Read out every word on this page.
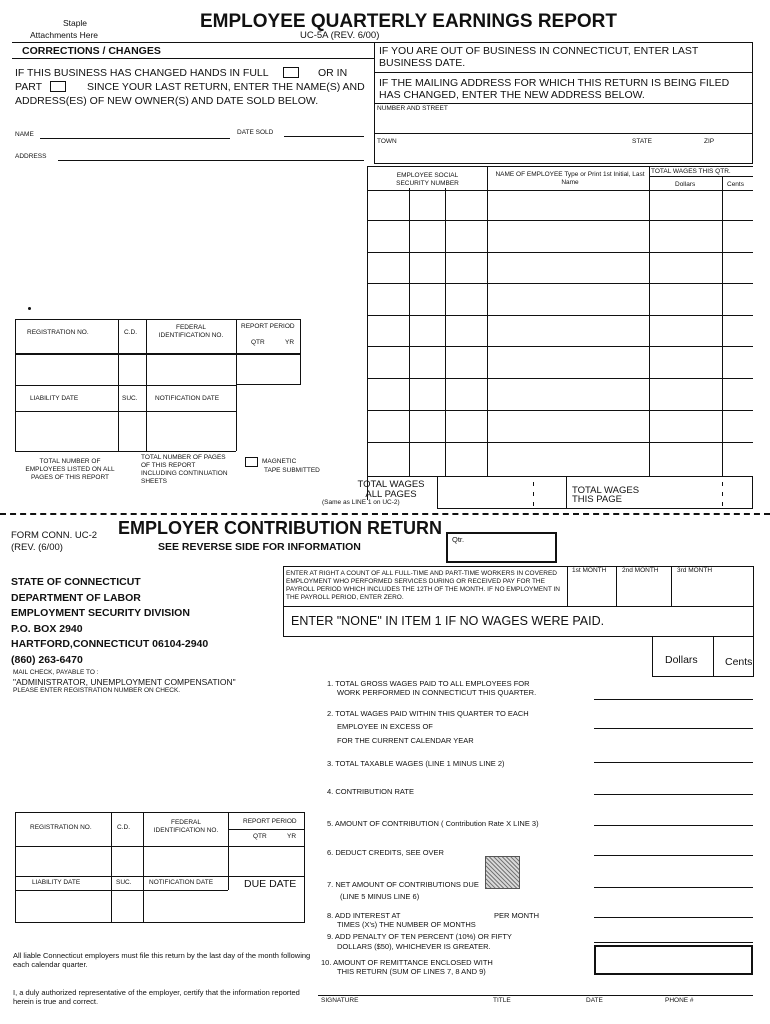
Staple
Attachments Here
EMPLOYEE QUARTERLY EARNINGS REPORT
UC-5A (REV. 6/00)
CORRECTIONS / CHANGES
IF THIS BUSINESS HAS CHANGED HANDS IN FULL	OR IN
PART	SINCE YOUR LAST RETURN, ENTER THE NAME(S) AND
ADDRESS(ES) OF NEW OWNER(S) AND DATE SOLD BELOW.
NAME	DATE SOLD
ADDRESS
IF YOU ARE OUT OF BUSINESS IN CONNECTICUT, ENTER LAST BUSINESS DATE.
IF THE MAILING ADDRESS FOR WHICH THIS RETURN IS BEING FILED HAS CHANGED, ENTER THE NEW ADDRESS BELOW.
NUMBER AND STREET
TOWN	STATE	ZIP
EMPLOYEE SOCIAL SECURITY NUMBER
NAME OF EMPLOYEE Type or Print 1st Initial, Last Name
TOTAL WAGES THIS QTR.
Dollars	Cents
REGISTRATION NO.	C.D.
FEDERAL IDENTIFICATION NO.
REPORT PERIOD
QTR	YR
LIABILITY DATE	SUC.	NOTIFICATION DATE
TOTAL NUMBER OF EMPLOYEES LISTED ON ALL PAGES OF THIS REPORT
TOTAL NUMBER OF PAGES OF THIS REPORT INCLUDING CONTINUATION SHEETS
MAGNETIC
TAPE SUBMITTED
TOTAL WAGES
ALL PAGES
(Same as LINE 1 on UC-2)
TOTAL WAGES
THIS PAGE
FORM CONN. UC-2
(REV. (6/00)
EMPLOYER CONTRIBUTION RETURN
SEE REVERSE SIDE FOR INFORMATION
Qtr.
STATE OF CONNECTICUT
DEPARTMENT OF LABOR
EMPLOYMENT SECURITY DIVISION
P.O. BOX 2940
HARTFORD,CONNECTICUT 06104-2940
(860) 263-6470
MAIL CHECK, PAYABLE TO :
"ADMINISTRATOR, UNEMPLOYMENT COMPENSATION"
PLEASE ENTER REGISTRATION NUMBER ON CHECK.
ENTER AT RIGHT A COUNT OF ALL FULL-TIME AND PART-TIME WORKERS IN COVERED EMPLOYMENT WHO PERFORMED SERVICES DURING OR RECEIVED PAY FOR THE PAYROLL PERIOD WHICH INCLUDES THE 12TH OF THE MONTH. IF NO EMPLOYMENT IN THE PAYROLL PERIOD, ENTER ZERO.
1st MONTH 2nd MONTH	3rd MONTH
ENTER "NONE" IN ITEM 1 IF NO WAGES WERE PAID.
Dollars	Cents
1. TOTAL GROSS WAGES PAID TO ALL EMPLOYEES FOR
WORK PERFORMED IN CONNECTICUT THIS QUARTER.
2. TOTAL WAGES PAID WITHIN THIS QUARTER TO EACH
EMPLOYEE IN EXCESS OF
FOR THE CURRENT CALENDAR YEAR
3. TOTAL TAXABLE WAGES (LINE 1 MINUS LINE 2)
4. CONTRIBUTION RATE
5. AMOUNT OF CONTRIBUTION ( Contribution Rate X LINE 3)
6. DEDUCT CREDITS, SEE OVER
7. NET AMOUNT OF CONTRIBUTIONS DUE
(LINE 5 MINUS LINE 6)
8. ADD INTEREST AT	PER MONTH
TIMES (X's) THE NUMBER OF MONTHS
9. ADD PENALTY OF TEN PERCENT (10%) OR FIFTY
DOLLARS ($50), WHICHEVER IS GREATER.
10. AMOUNT OF REMITTANCE ENCLOSED WITH
THIS RETURN (SUM OF LINES 7, 8 AND 9)
REGISTRATION NO.	C.D.
FEDERAL IDENTIFICATION NO.
REPORT PERIOD
QTR	YR
LIABILITY DATE	SUC.	NOTIFICATION DATE	DUE DATE
All liable Connecticut employers must file this return by the last day of the month following each calendar quarter.
I, a duly authorized representative of the employer, certify that the information reported herein is true and correct.	SIGNATURE	TITLE	DATE	PHONE #
